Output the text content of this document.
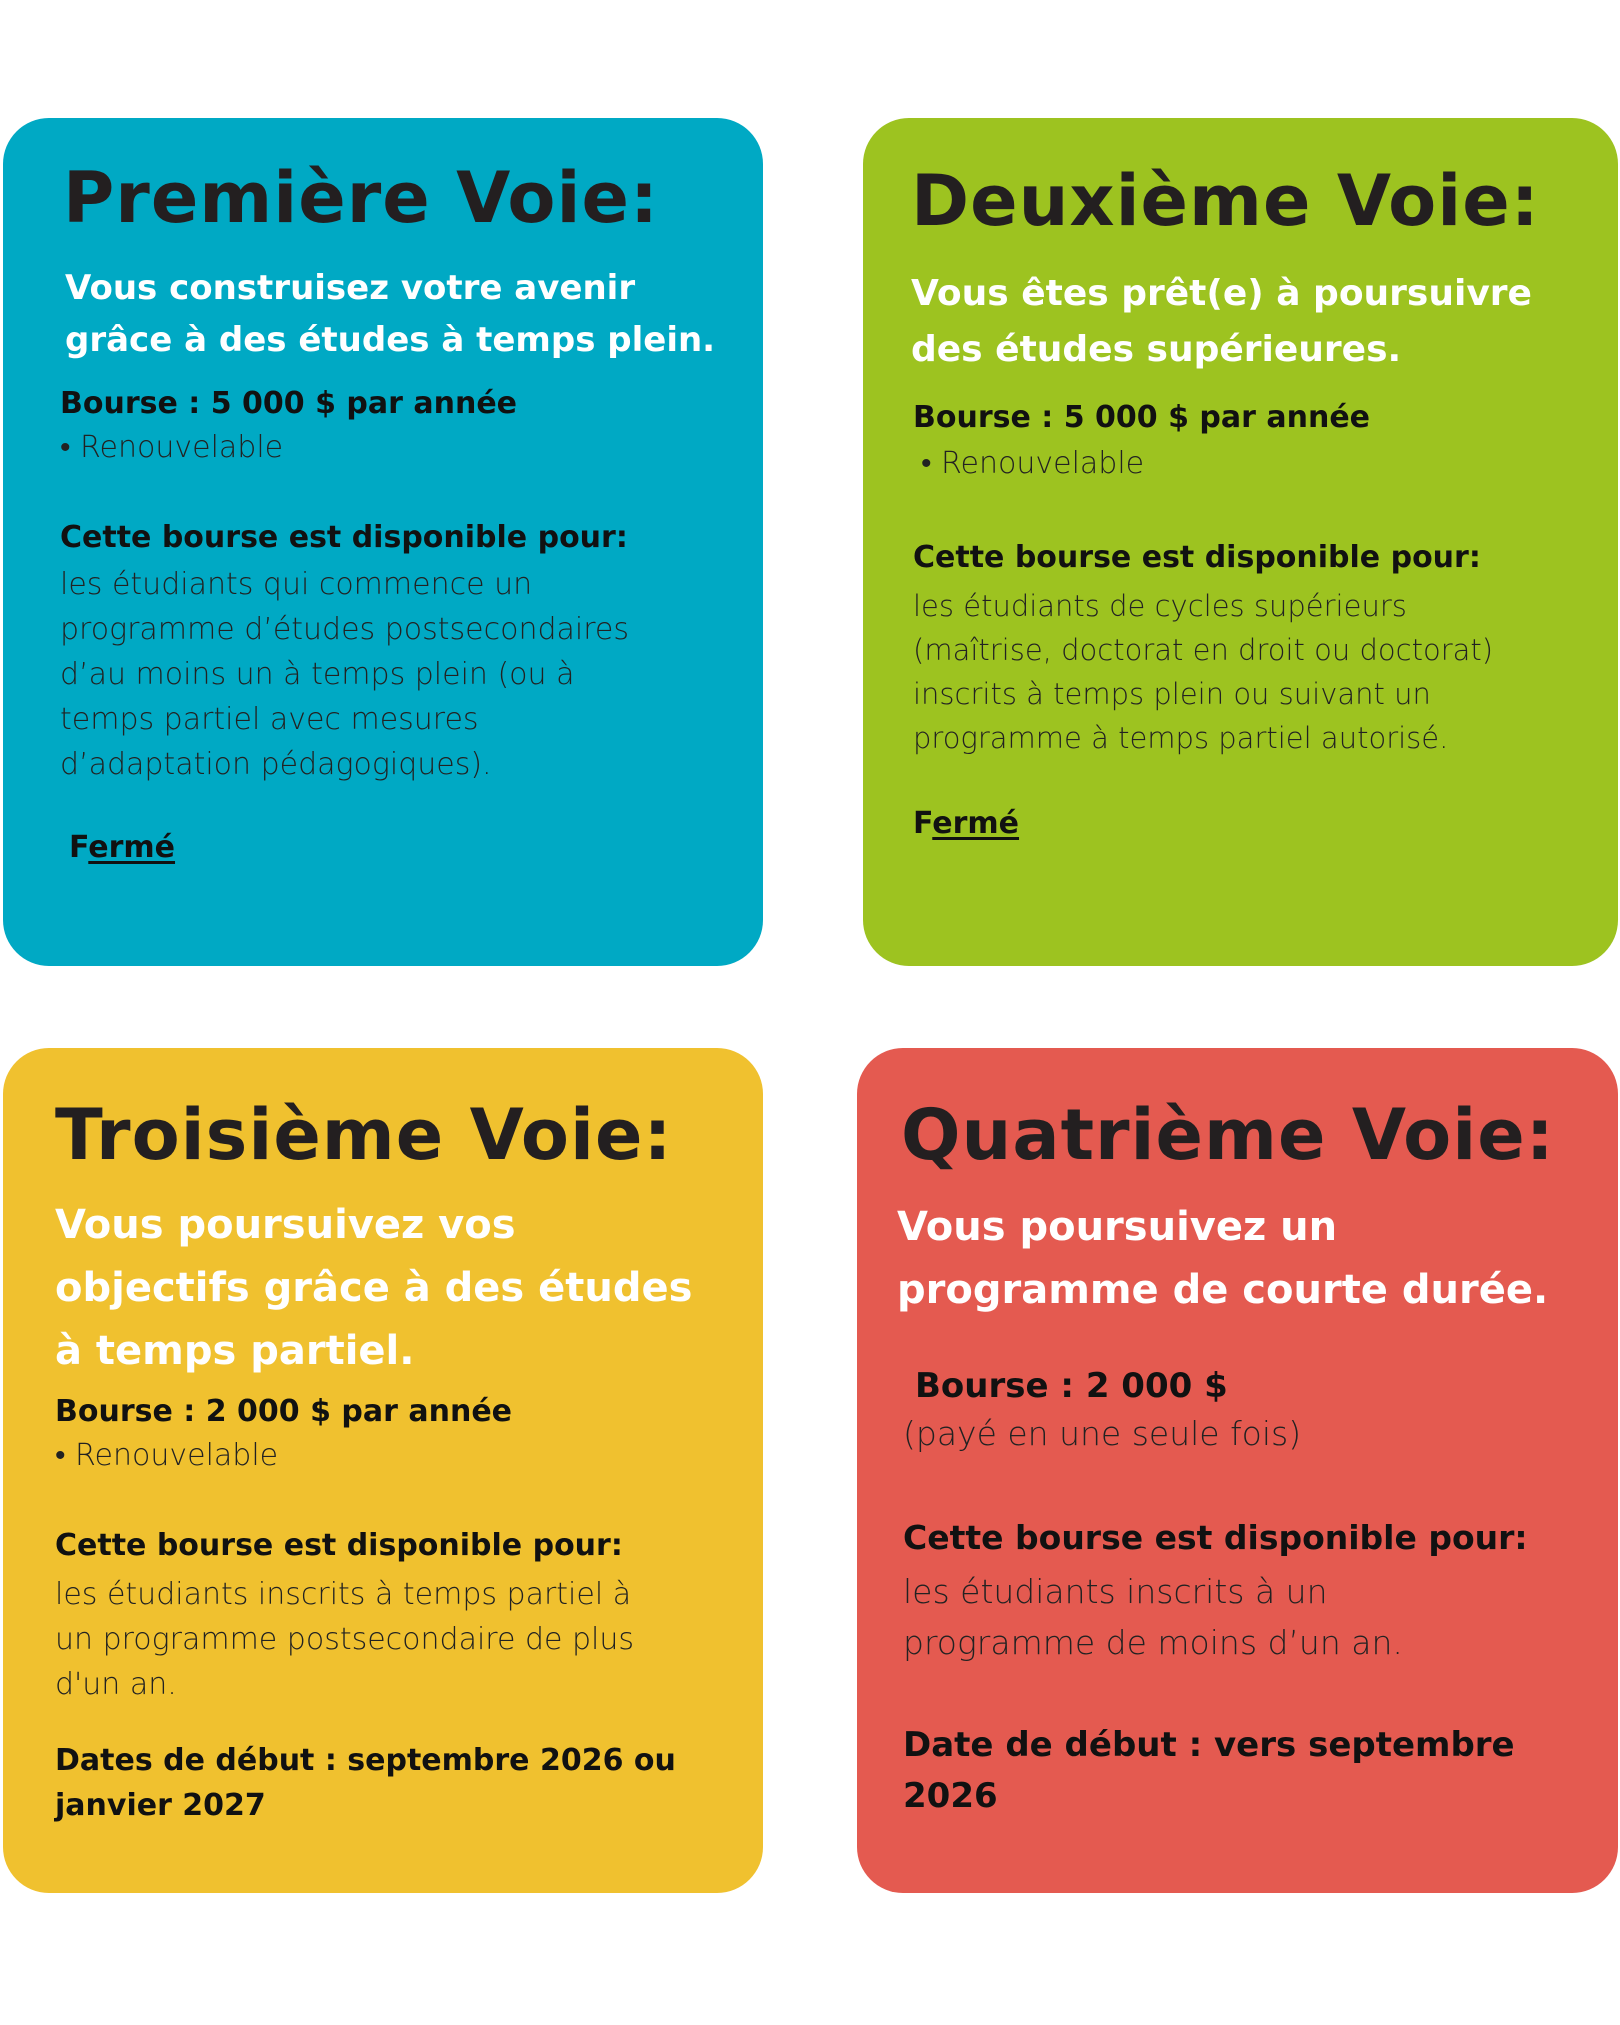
Première Voie:

Vous construisez votre avenir
grâce à des études à temps plein.

Bourse : 5 000 $ par année

• Renouvelable

Cette bourse est disponible pour:

les étudiants qui commence un
programme d’études postsecondaires
d’au moins un à temps plein (ou à
temps partiel avec mesures
d’adaptation pédagogiques).

Fermé

Deuxième Voie:

Vous êtes prêt(e) à poursuivre
des études supérieures.

Bourse : 5 000 $ par année

• Renouvelable

Cette bourse est disponible pour:

les étudiants de cycles supérieurs
(maîtrise, doctorat en droit ou doctorat)
inscrits à temps plein ou suivant un
programme à temps partiel autorisé.

Fermé

Troisième Voie:

Vous poursuivez vos
objectifs grâce à des études
à temps partiel.

Bourse : 2 000 $ par année

• Renouvelable

Cette bourse est disponible pour:

les étudiants inscrits à temps partiel à
un programme postsecondaire de plus
d'un an.

Dates de début : septembre 2026 ou
janvier 2027

Quatrième Voie:

Vous poursuivez un
programme de courte durée.

Bourse : 2 000 $

(payé en une seule fois)

Cette bourse est disponible pour:

les étudiants inscrits à un
programme de moins d’un an.

Date de début : vers septembre
2026
